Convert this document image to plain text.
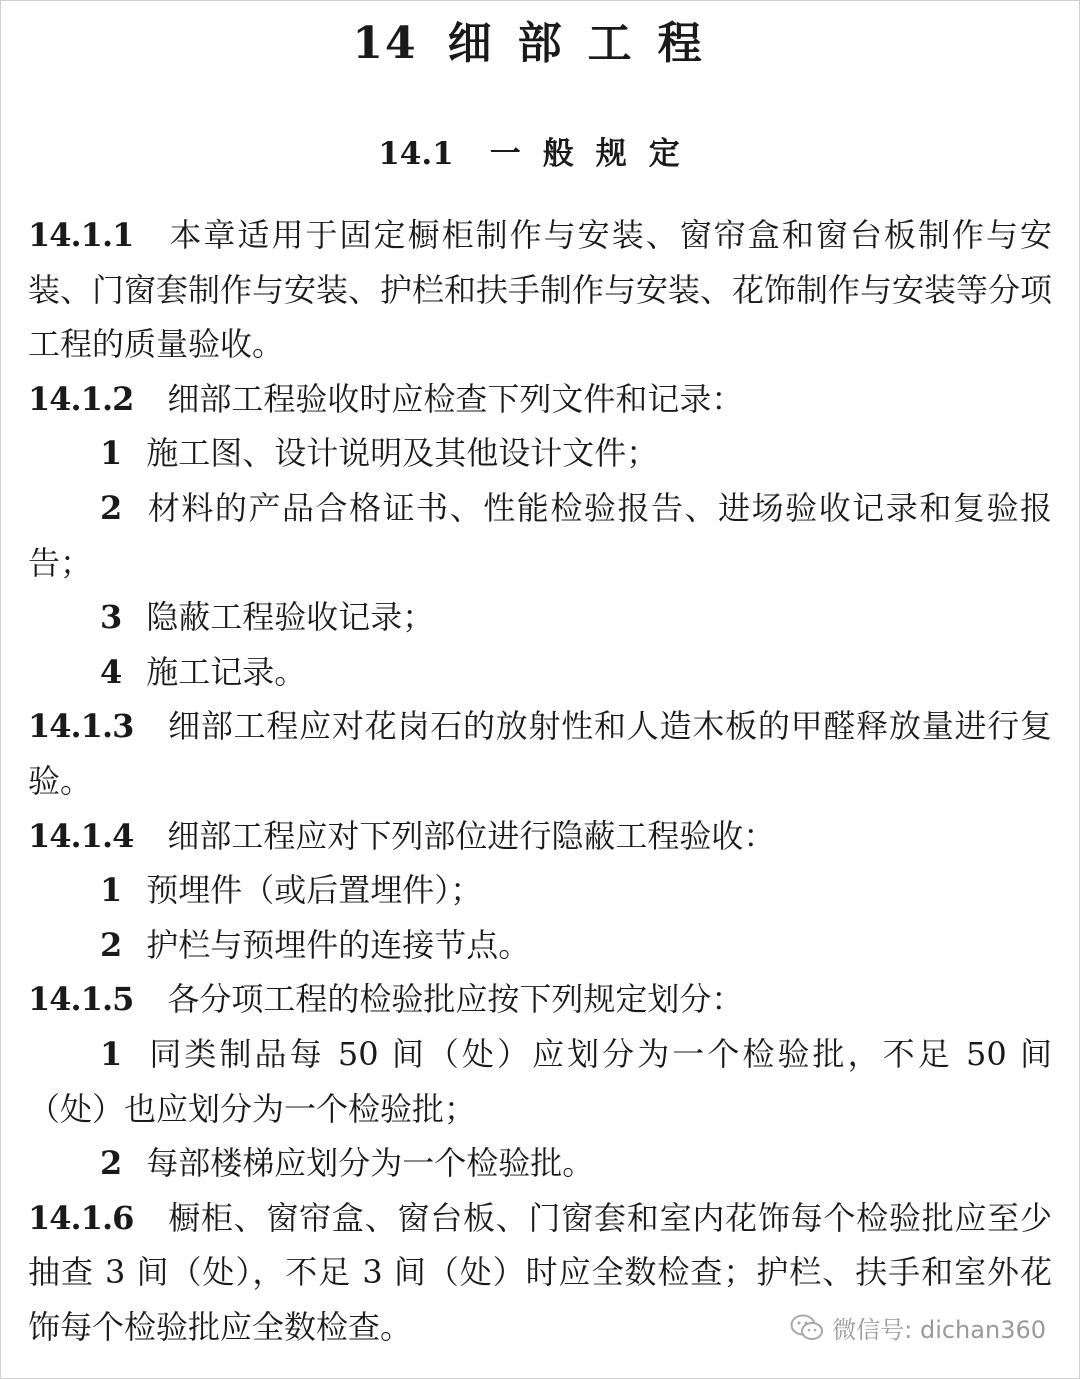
14 细部工程
14.1 一般规定

14.1.1 本章适用于固定橱柜制作与安装、窗帘盒和窗台板制作与安装、门窗套制作与安装、护栏和扶手制作与安装、花饰制作与安装等分项工程的质量验收。

14.1.2 细部工程验收时应检查下列文件和记录：

1 施工图、设计说明及其他设计文件；

2 材料的产品合格证书、性能检验报告、进场验收记录和复验报告；

3 隐蔽工程验收记录；

4 施工记录。

14.1.3 细部工程应对花岗石的放射性和人造木板的甲醛释放量进行复验。

14.1.4 细部工程应对下列部位进行隐蔽工程验收：

1 预埋件（或后置埋件）；

2 护栏与预埋件的连接节点。

14.1.5 各分项工程的检验批应按下列规定划分：

1 同类制品每 50 间（处）应划分为一个检验批，不足 50 间（处）也应划分为一个检验批；

2 每部楼梯应划分为一个检验批。

14.1.6 橱柜、窗帘盒、窗台板、门窗套和室内花饰每个检验批应至少抽查 3 间（处），不足 3 间（处）时应全数检查；护栏、扶手和室外花饰每个检验批应全数检查。	微信号: dichan360
